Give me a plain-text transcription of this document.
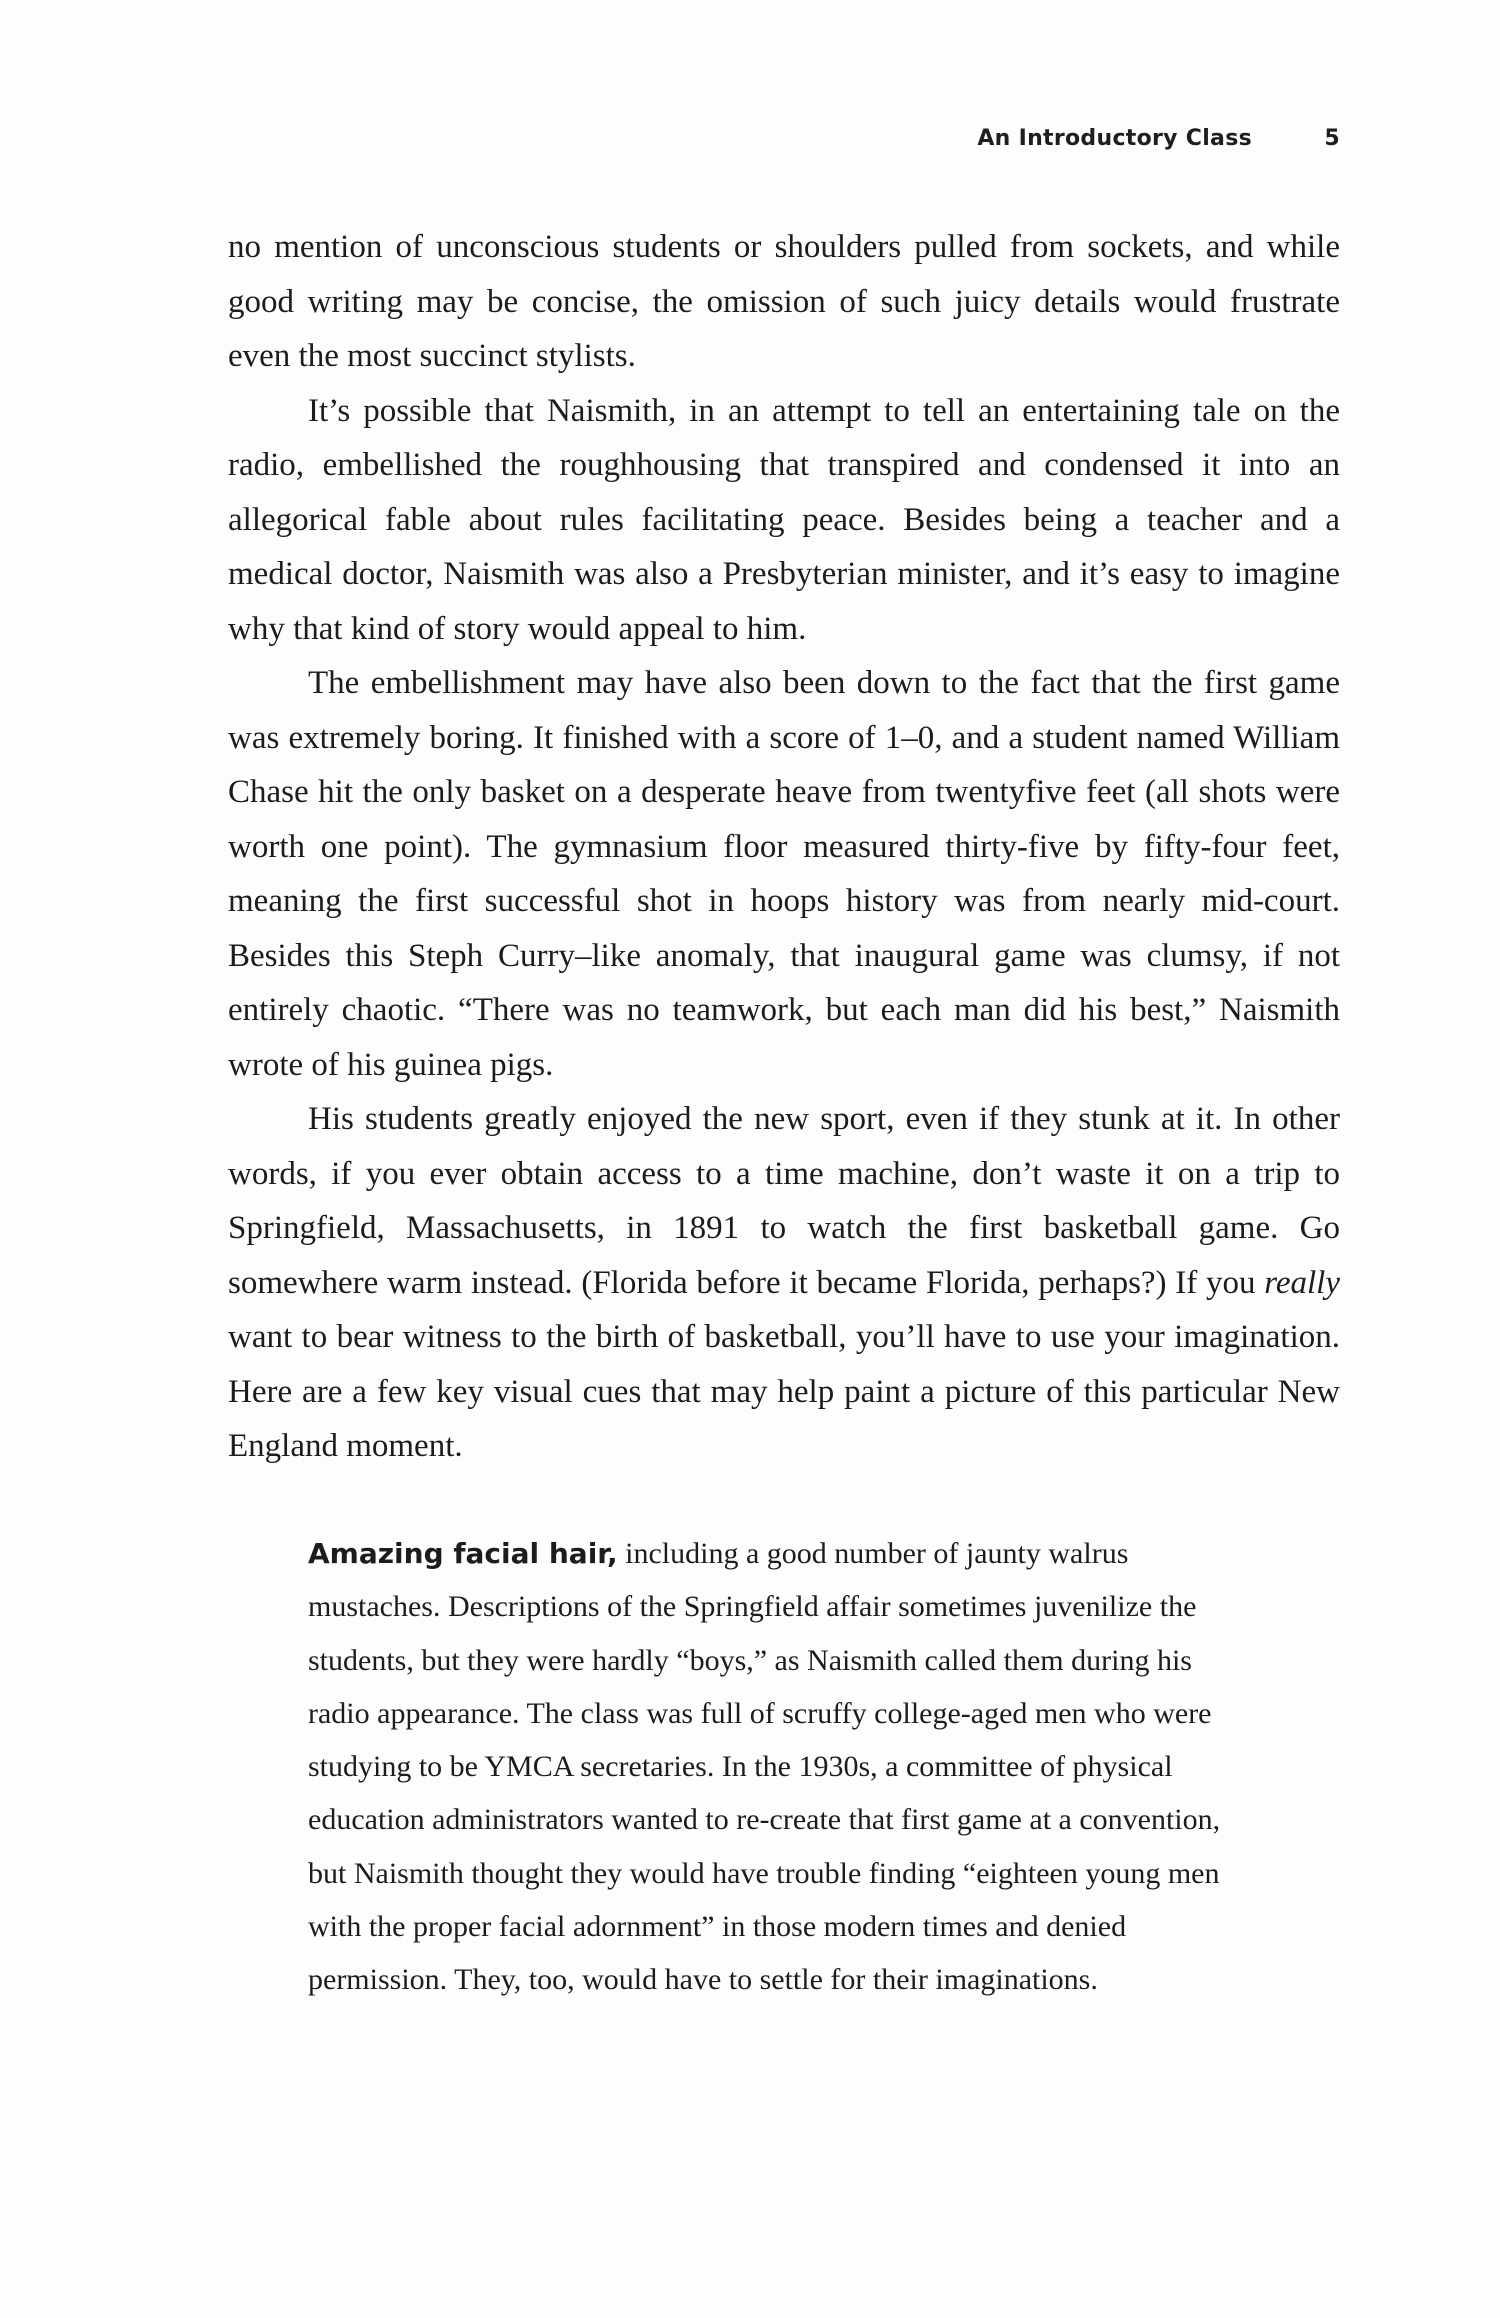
An Introductory Class	5

no mention of unconscious students or shoulders pulled from sockets, and while good writing may be concise, the omission of such juicy details would frustrate even the most succinct stylists.

It’s possible that Naismith, in an attempt to tell an entertaining tale on the radio, embellished the roughhousing that transpired and condensed it into an allegorical fable about rules facilitating peace. Besides being a teacher and a medical doctor, Naismith was also a Presbyterian minister, and it’s easy to imagine why that kind of story would appeal to him.

The embellishment may have also been down to the fact that the first game was extremely boring. It finished with a score of 1–0, and a student named William Chase hit the only basket on a desperate heave from twentyfive feet (all shots were worth one point). The gymnasium floor measured thirty-five by fifty-four feet, meaning the first successful shot in hoops history was from nearly mid-court. Besides this Steph Curry–like anomaly, that inaugural game was clumsy, if not entirely chaotic. “There was no teamwork, but each man did his best,” Naismith wrote of his guinea pigs.

His students greatly enjoyed the new sport, even if they stunk at it. In other words, if you ever obtain access to a time machine, don’t waste it on a trip to Springfield, Massachusetts, in 1891 to watch the first basketball game. Go somewhere warm instead. (Florida before it became Florida, perhaps?) If you really want to bear witness to the birth of basketball, you’ll have to use your imagination. Here are a few key visual cues that may help paint a picture of this particular New England moment.

Amazing facial hair, including a good number of jaunty walrus mustaches. Descriptions of the Springfield affair sometimes juvenilize the students, but they were hardly “boys,” as Naismith called them during his radio appearance. The class was full of scruffy college-aged men who were studying to be YMCA secretaries. In the 1930s, a committee of physical education administrators wanted to re-create that first game at a convention, but Naismith thought they would have trouble finding “eighteen young men with the proper facial adornment” in those modern times and denied permission. They, too, would have to settle for their imaginations.
